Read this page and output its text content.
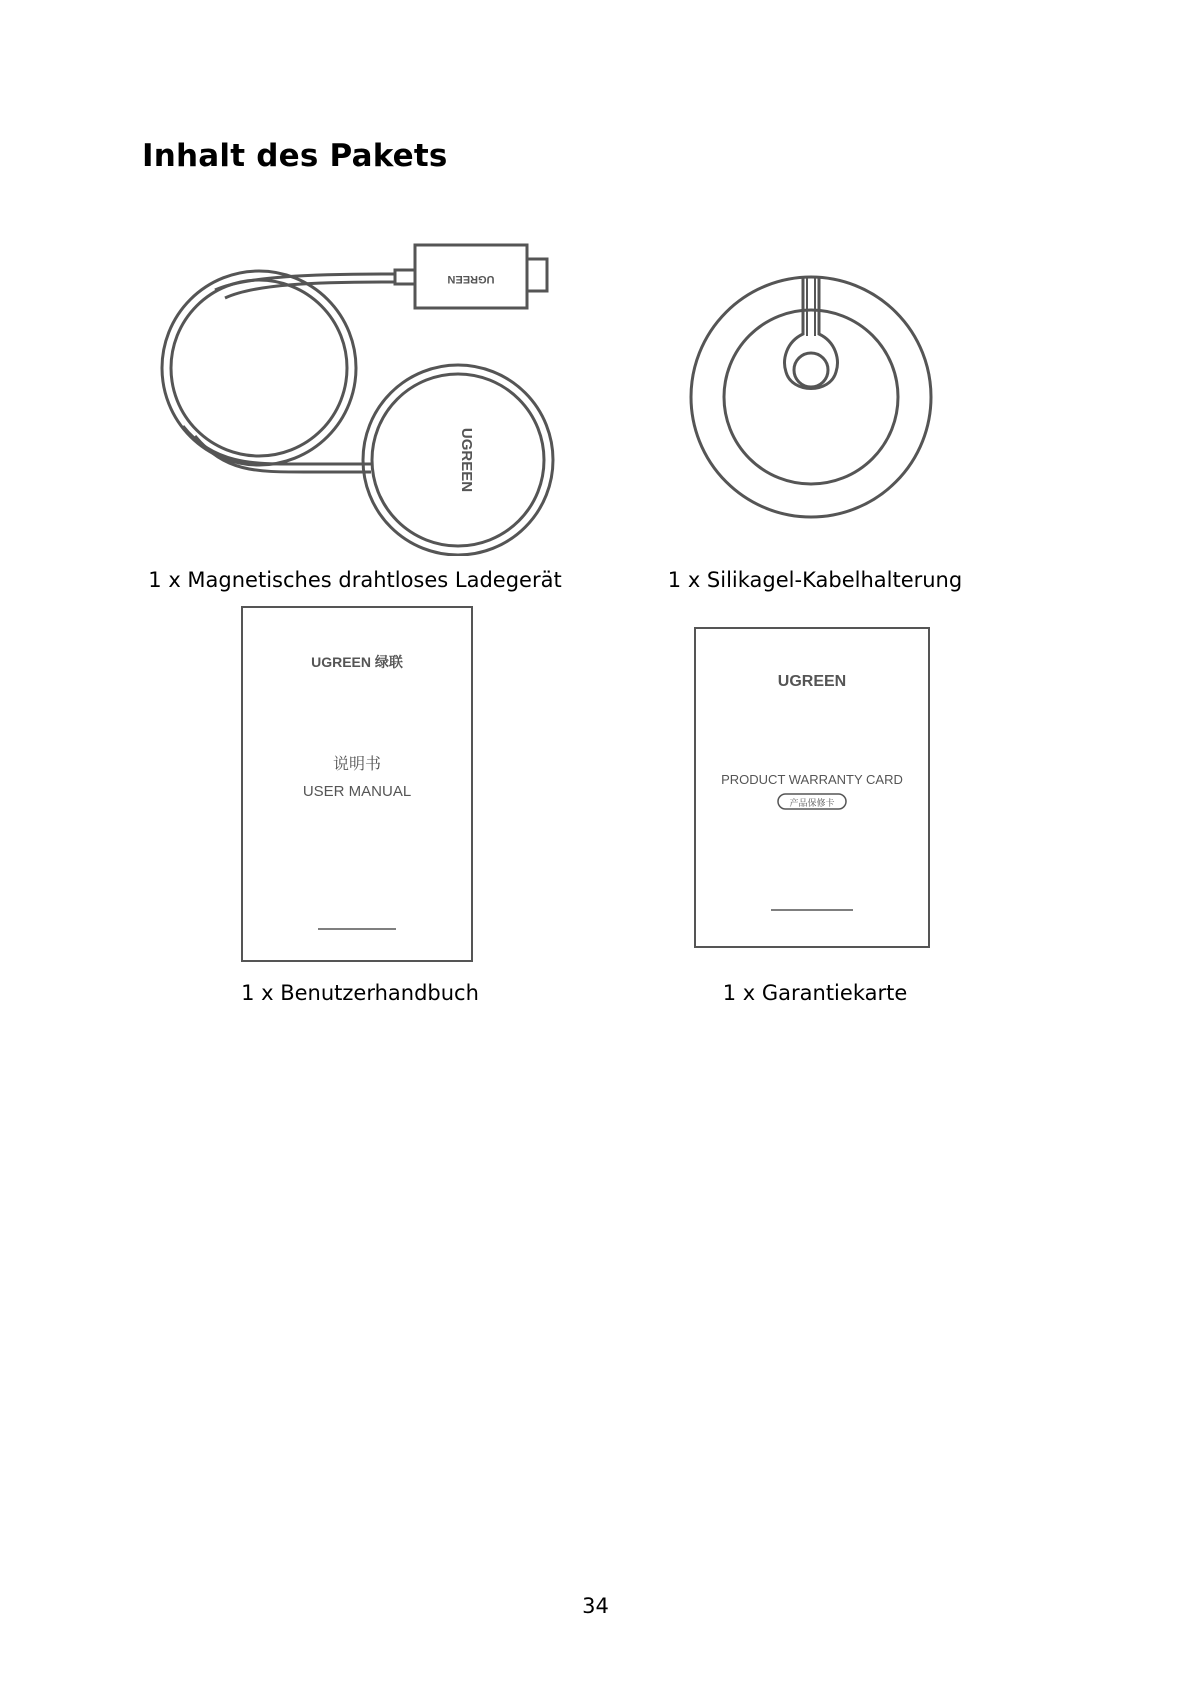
Inhalt des Pakets
UGREEN
UGREEN
1 x Magnetisches drahtloses Ladegerät	1 x Silikagel-Kabelhalterung
UGREEN 绿联
说明书
USER MANUAL
1 x Benutzerhandbuch
UGREEN
PRODUCT WARRANTY CARD
产品保修卡
1 x Garantiekarte
34
